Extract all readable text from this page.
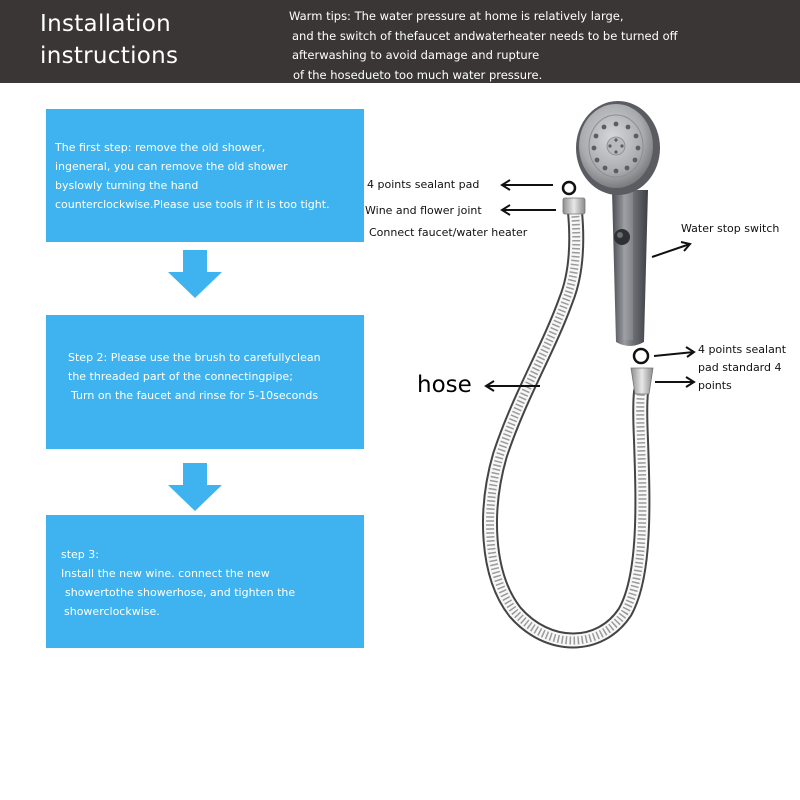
Installation
instructions
Warm tips: The water pressure at home is relatively large,
and the switch of thefaucet andwaterheater needs to be turned off
afterwashing to avoid damage and rupture
of the hosedueto too much water pressure.
The first step: remove the old shower,
ingeneral, you can remove the old shower
byslowly turning the hand
counterclockwise.Please use tools if it is too tight.
Step 2: Please use the brush to carefullyclean
the threaded part of the connectingpipe;
Turn on the faucet and rinse for 5-10seconds
step 3:
Install the new wine. connect the new
showertothe showerhose, and tighten the
showerclockwise.
4 points sealant pad
Wine and flower joint
Connect faucet/water heater	Water stop switch
4 points sealant
pad standard 4
points
hose
